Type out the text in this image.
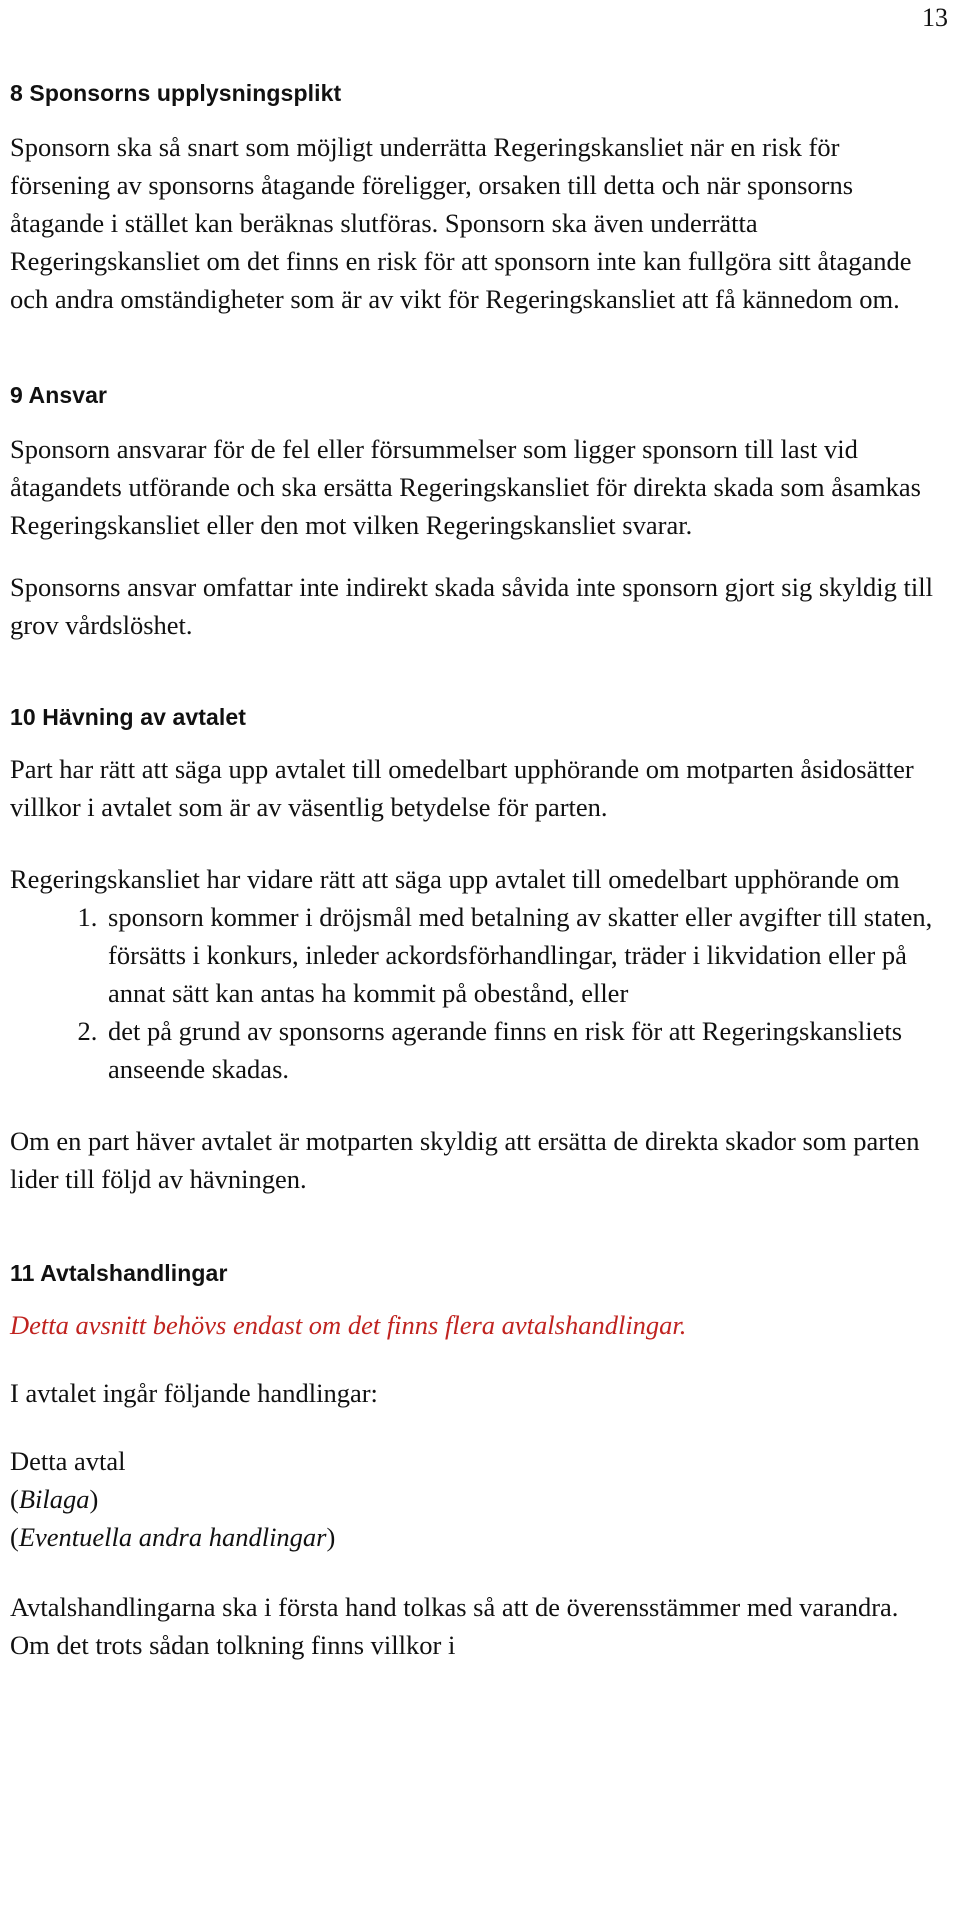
13
8 Sponsorns upplysningsplikt

Sponsorn ska så snart som möjligt underrätta Regeringskansliet när en risk för försening av sponsorns åtagande föreligger, orsaken till detta och när sponsorns åtagande i stället kan beräknas slutföras. Sponsorn ska även underrätta Regeringskansliet om det finns en risk för att sponsorn inte kan fullgöra sitt åtagande och andra omständigheter som är av vikt för Regeringskansliet att få kännedom om.

9 Ansvar

Sponsorn ansvarar för de fel eller försummelser som ligger sponsorn till last vid åtagandets utförande och ska ersätta Regeringskansliet för direkta skada som åsamkas Regeringskansliet eller den mot vilken Regeringskansliet svarar.

Sponsorns ansvar omfattar inte indirekt skada såvida inte sponsorn gjort sig skyldig till grov vårdslöshet.

10 Hävning av avtalet

Part har rätt att säga upp avtalet till omedelbart upphörande om motparten åsidosätter villkor i avtalet som är av väsentlig betydelse för parten.

Regeringskansliet har vidare rätt att säga upp avtalet till omedelbart upphörande om

1. sponsorn kommer i dröjsmål med betalning av skatter eller avgifter till staten, försätts i konkurs, inleder ackordsförhandlingar, träder i likvidation eller på annat sätt kan antas ha kommit på obestånd, eller
2. det på grund av sponsorns agerande finns en risk för att Regeringskansliets anseende skadas.

Om en part häver avtalet är motparten skyldig att ersätta de direkta skador som parten lider till följd av hävningen.

11 Avtalshandlingar

Detta avsnitt behövs endast om det finns flera avtalshandlingar.

I avtalet ingår följande handlingar:

Detta avtal
(Bilaga)
(Eventuella andra handlingar)

Avtalshandlingarna ska i första hand tolkas så att de överensstämmer med varandra. Om det trots sådan tolkning finns villkor i
